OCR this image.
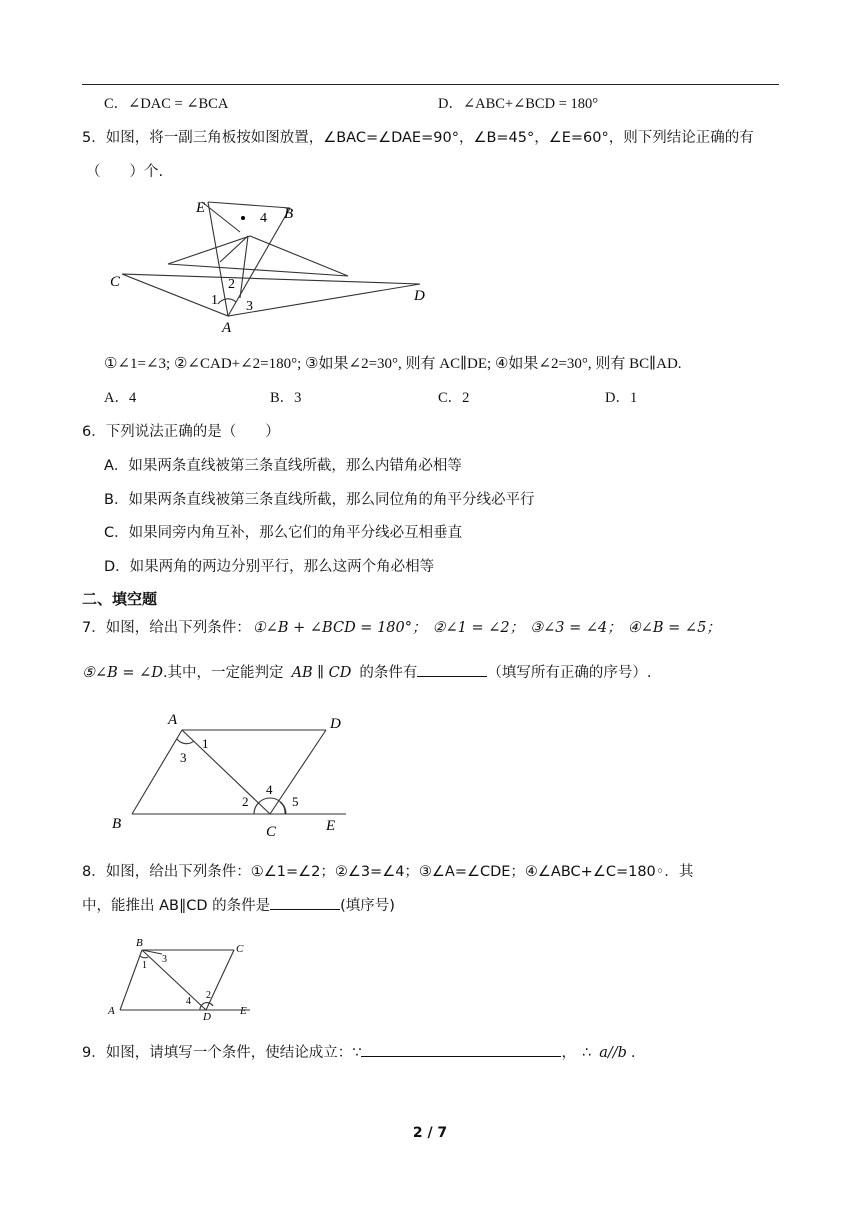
C．∠DAC = ∠BCA	D．∠ABC+∠BCD = 180°
5．如图，将一副三角板按如图放置，∠BAC=∠DAE=90°，∠B=45°，∠E=60°，则下列结论正确的有
（　　）个.
E	B
C
D
A
1
2
3
4
①∠1=∠3; ②∠CAD+∠2=180°; ③如果∠2=30°, 则有 AC∥DE; ④如果∠2=30°, 则有 BC∥AD.
A．4	B．3	C．2	D．1
6．下列说法正确的是（　　）
A．如果两条直线被第三条直线所截，那么内错角必相等
B．如果两条直线被第三条直线所截，那么同位角的角平分线必平行
C．如果同旁内角互补，那么它们的角平分线必互相垂直
D．如果两角的两边分别平行，那么这两个角必相等
二、填空题
7．如图，给出下列条件： ①∠B + ∠BCD = 180°； ②∠1 = ∠2； ③∠3 = ∠4； ④∠B = ∠5；
⑤∠B = ∠D.其中，一定能判定 AB ∥ CD 的条件有	（填写所有正确的序号）.
A	D
B	C	E
1
3
2
4
5
8．如图，给出下列条件：①∠1=∠2；②∠3=∠4；③∠A=∠CDE；④∠ABC+∠C=180◦．其
中，能推出 AB∥CD 的条件是	(填序号)
B	C
A	D	E
1
3
4
2
9．如图，请填写一个条件，使结论成立：∵	， ∴ a//b .
2 / 7
